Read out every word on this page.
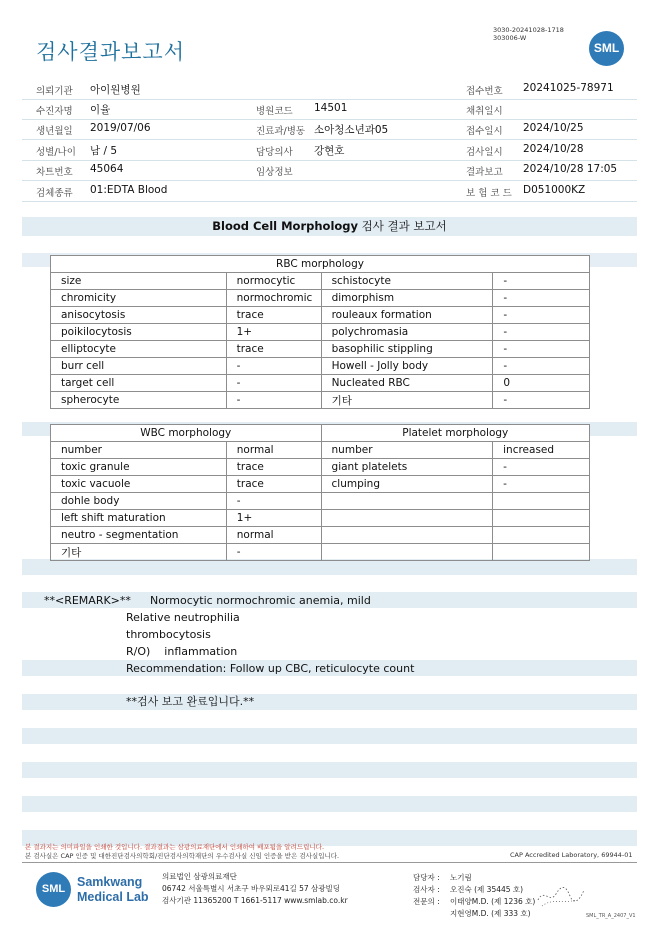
검사결과보고서
3030-20241028-1718
303006-W
SML
의뢰기관 아이원병원	접수번호 20241025-78971
수진자명 이율	병원코드 14501	채취일시
생년월일 2019/07/06	진료과/병동 소아청소년과05	접수일시 2024/10/25
성별/나이 남 / 5	담당의사 강현호	검사일시 2024/10/28
차트번호 45064	임상정보	결과보고 2024/10/28 17:05
검체종류 01:EDTA Blood	보 험 코 드 D051000KZ
Blood Cell Morphology 검사 결과 보고서
RBC morphology			
size	normocytic	schistocyte	-
chromicity	normochromic	dimorphism	-
anisocytosis	trace	rouleaux formation	-
poikilocytosis	1+	polychromasia	-
elliptocyte	trace	basophilic stippling	-
burr cell	-	Howell - Jolly body	-
target cell	-	Nucleated RBC	0
spherocyte	-	기타	-
WBC morphology		Platelet morphology	
number	normal	number	increased
toxic granule	trace	giant platelets	-
toxic vacuole	trace	clumping	-
dohle body	-		
left shift maturation	1+		
neutro - segmentation	normal		
기타	-		
**<REMARK>** Normocytic normochromic anemia, mild
Relative neutrophilia
thrombocytosis
R/O)    inflammation
Recommendation: Follow up CBC, reticulocyte count
**검사 보고 완료입니다.**
본 결과지는 의미파일을 인쇄한 것입니다. 결과결과는 삼광의료재단에서 인쇄하여 배포됨을 알려드립니다.
본 검사실은 CAP 인증 및 대한진단검사의학회/진단검사의학재단의 우수검사실 신임 인증을 받은 검사실입니다.	CAP Accredited Laboratory, 69944-01
SML Samkwang
Medical Lab
의료법인 삼광의료재단
06742 서울특별시 서초구 바우뫼로41길 57 삼광빌딩
검사기관 11365200 T 1661-5117 www.smlab.co.kr
담당자 : 노기림
검사자 : 오진숙 (제 35445 호)
전문의 : 이태양M.D. (제 1236 호)
지현영M.D. (제 333 호)	SML_TR_A_2407_V1
